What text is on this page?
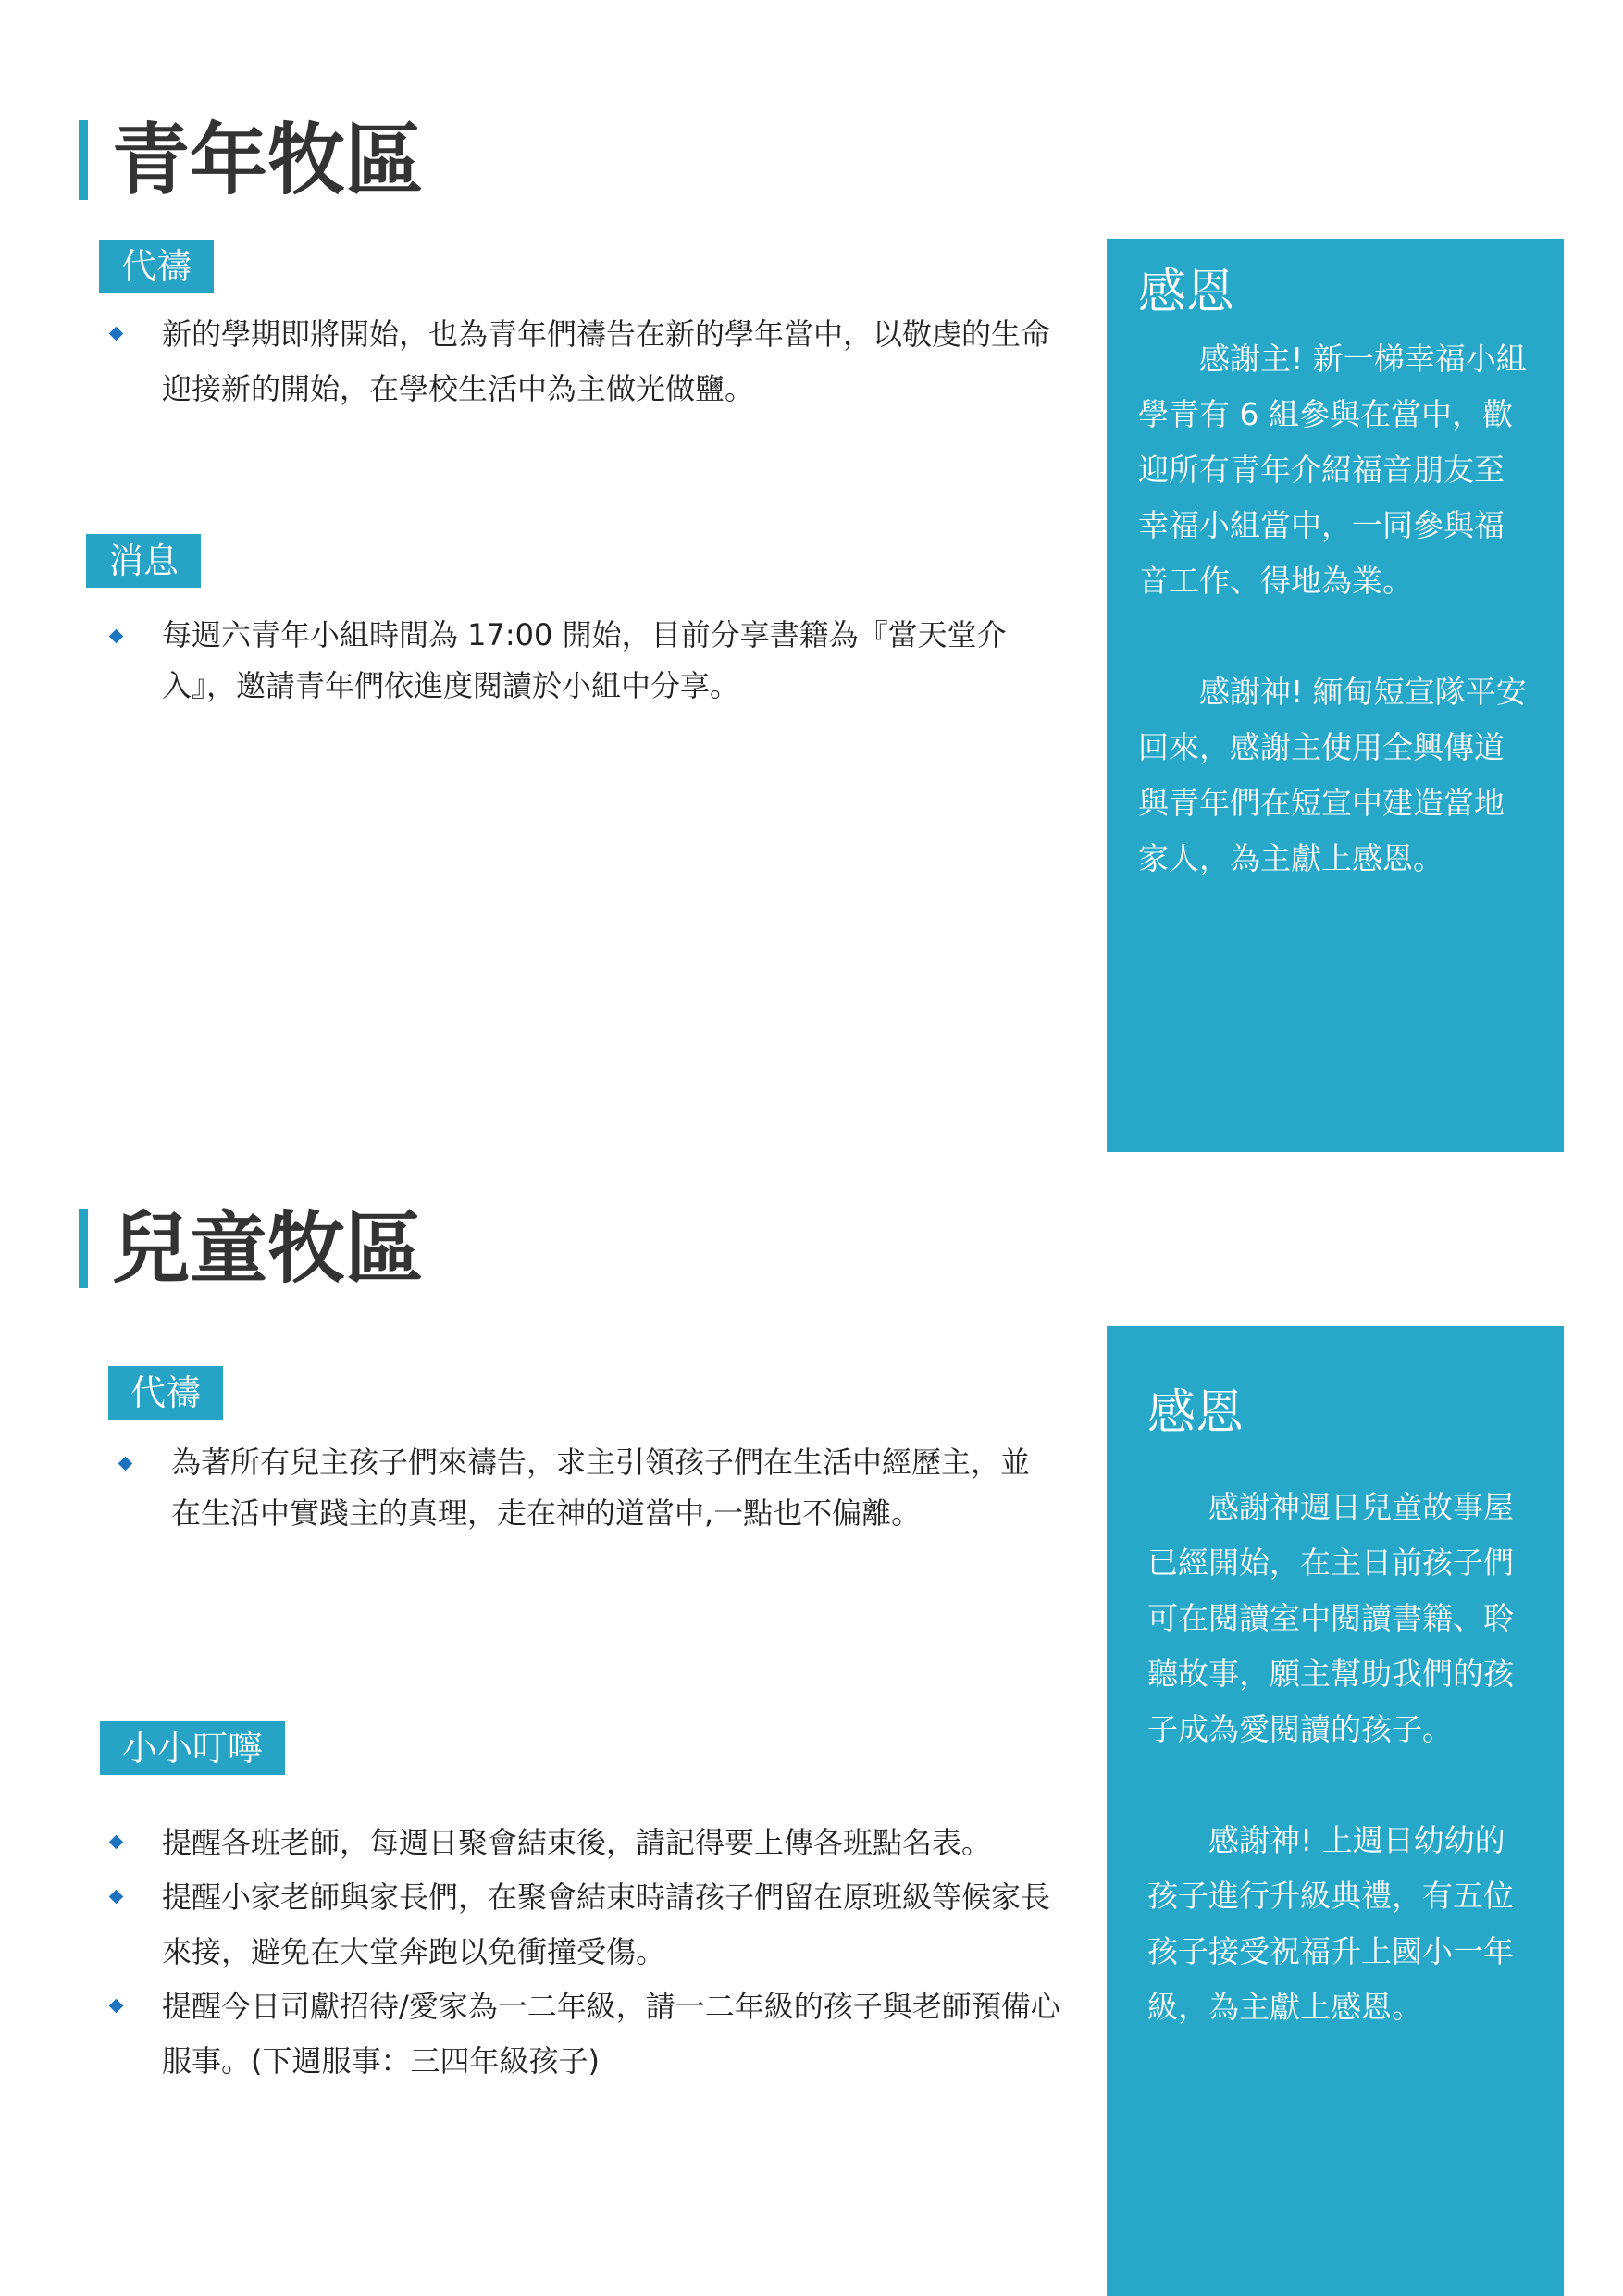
青年牧區
代禱
新的學期即將開始，也為青年們禱告在新的學年當中，以敬虔的生命迎接新的開始，在學校生活中為主做光做鹽。
消息
每週六青年小組時間為 17:00 開始，目前分享書籍為『當天堂介入』，邀請青年們依進度閱讀於小組中分享。
感恩

感謝主! 新一梯幸福小組學青有 6 組參與在當中，歡迎所有青年介紹福音朋友至幸福小組當中，一同參與福音工作、得地為業。

感謝神! 緬甸短宣隊平安回來，感謝主使用全興傳道與青年們在短宣中建造當地家人，為主獻上感恩。

兒童牧區
代禱
為著所有兒主孩子們來禱告，求主引領孩子們在生活中經歷主，並在生活中實踐主的真理，走在神的道當中,一點也不偏離。
小小叮嚀
提醒各班老師，每週日聚會結束後，請記得要上傳各班點名表。
提醒小家老師與家長們，在聚會結束時請孩子們留在原班級等候家長來接，避免在大堂奔跑以免衝撞受傷。
提醒今日司獻招待/愛家為一二年級，請一二年級的孩子與老師預備心服事。(下週服事：三四年級孩子)
感恩

感謝神週日兒童故事屋已經開始，在主日前孩子們可在閱讀室中閱讀書籍、聆聽故事，願主幫助我們的孩子成為愛閱讀的孩子。

感謝神! 上週日幼幼的孩子進行升級典禮，有五位孩子接受祝福升上國小一年級，為主獻上感恩。
